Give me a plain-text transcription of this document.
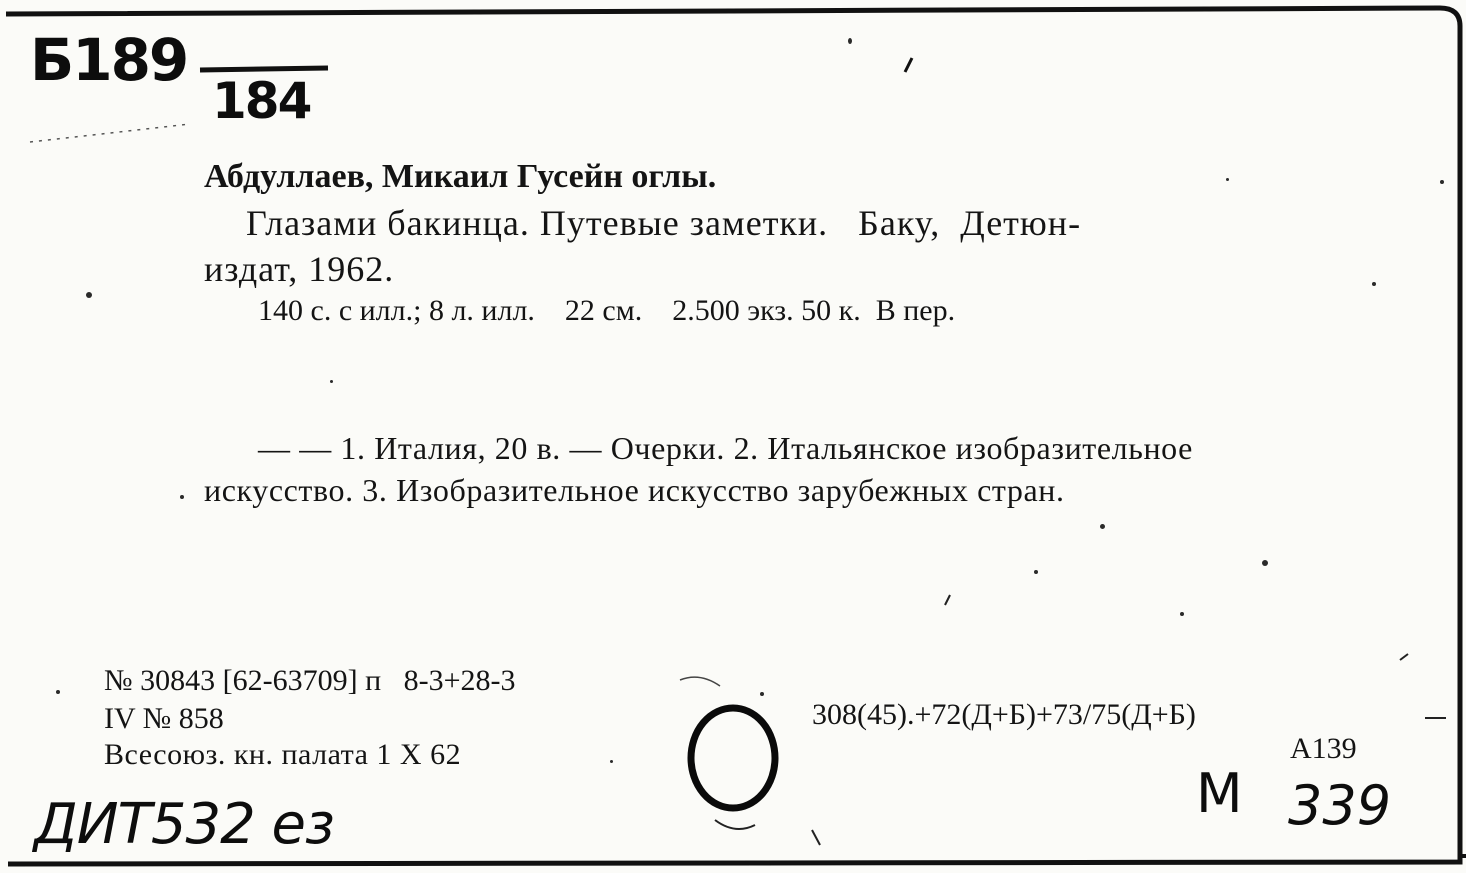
Б189
184
Абдуллаев, Микаил Гусейн оглы.
Глазами бакинца. Путевые заметки.   Баку,  Детюн-
издат, 1962.
140 с. с илл.; 8 л. илл.    22 см.    2.500 экз. 50 к.  В пер.
— — 1. Италия, 20 в. — Очерки. 2. Итальянское изобразительное
искусство. 3. Изобразительное искусство зарубежных стран.
№ 30843 [62-63709] п   8-3+28-3
IV № 858
Всесоюз. кн. палата 1 X 62
308(45).+72(Д+Б)+73/75(Д+Б)
А139
ДИТ532 ез	М 339
